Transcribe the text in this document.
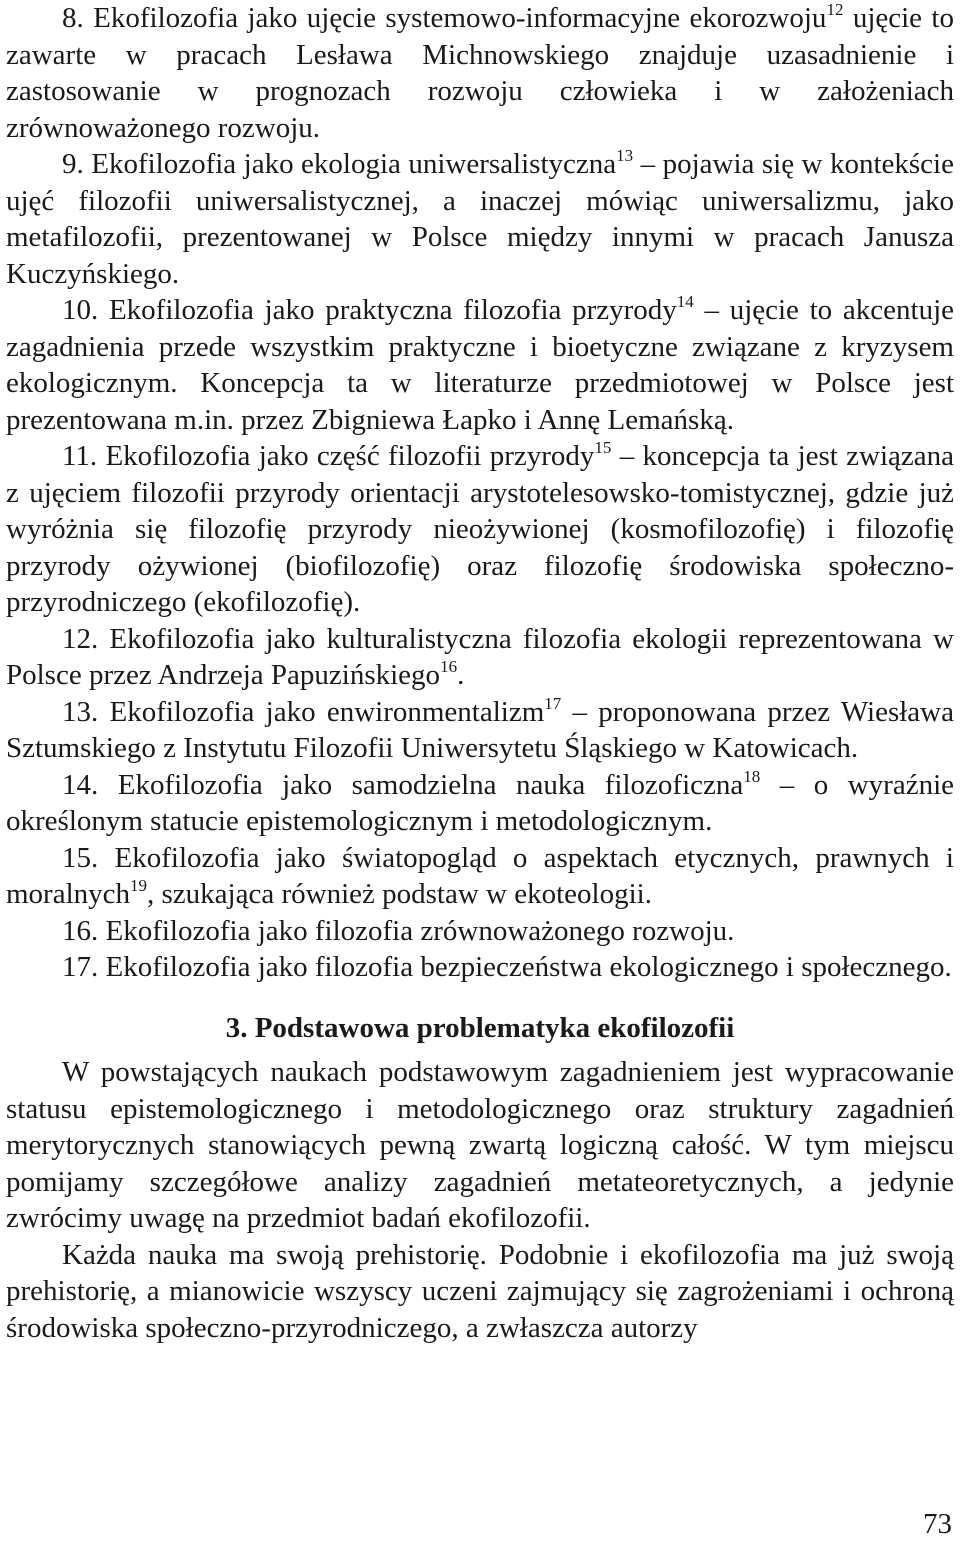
8. Ekofilozofia jako ujęcie systemowo-informacyjne ekorozwoju$^{12}$ ujęcie to zawarte w pracach Lesława Michnowskiego znajduje uzasadnienie i zastosowanie w prognozach rozwoju człowieka i w założeniach zrównoważonego rozwoju.

9. Ekofilozofia jako ekologia uniwersalistyczna$^{13}$ – pojawia się w kontekście ujęć filozofii uniwersalistycznej, a inaczej mówiąc uniwersalizmu, jako metafilozofii, prezentowanej w Polsce między innymi w pracach Janusza Kuczyńskiego.

10. Ekofilozofia jako praktyczna filozofia przyrody$^{14}$ – ujęcie to akcentuje zagadnienia przede wszystkim praktyczne i bioetyczne związane z kryzysem ekologicznym. Koncepcja ta w literaturze przedmiotowej w Polsce jest prezentowana m.in. przez Zbigniewa Łapko i Annę Lemańską.

11. Ekofilozofia jako część filozofii przyrody$^{15}$ – koncepcja ta jest związana z ujęciem filozofii przyrody orientacji arystotelesowsko-tomistycznej, gdzie już wyróżnia się filozofię przyrody nieożywionej (kosmofilozofię) i filozofię przyrody ożywionej (biofilozofię) oraz filozofię środowiska społeczno-przyrodniczego (ekofilozofię).

12. Ekofilozofia jako kulturalistyczna filozofia ekologii reprezentowana w Polsce przez Andrzeja Papuzińskiego$^{16}$.

13. Ekofilozofia jako enwironmentalizm$^{17}$ – proponowana przez Wiesława Sztumskiego z Instytutu Filozofii Uniwersytetu Śląskiego w Katowicach.

14. Ekofilozofia jako samodzielna nauka filozoficzna$^{18}$ – o wyraźnie określonym statucie epistemologicznym i metodologicznym.

15. Ekofilozofia jako światopogląd o aspektach etycznych, prawnych i moralnych$^{19}$, szukająca również podstaw w ekoteologii.

16. Ekofilozofia jako filozofia zrównoważonego rozwoju.

17. Ekofilozofia jako filozofia bezpieczeństwa ekologicznego i społecznego.

3. Podstawowa problematyka ekofilozofii

W powstających naukach podstawowym zagadnieniem jest wypracowanie statusu epistemologicznego i metodologicznego oraz struktury zagadnień merytorycznych stanowiących pewną zwartą logiczną całość. W tym miejscu pomijamy szczegółowe analizy zagadnień metateoretycznych, a jedynie zwrócimy uwagę na przedmiot badań ekofilozofii.

Każda nauka ma swoją prehistorię. Podobnie i ekofilozofia ma już swoją prehistorię, a mianowicie wszyscy uczeni zajmujący się zagrożeniami i ochroną środowiska społeczno-przyrodniczego, a zwłaszcza autorzy

73
